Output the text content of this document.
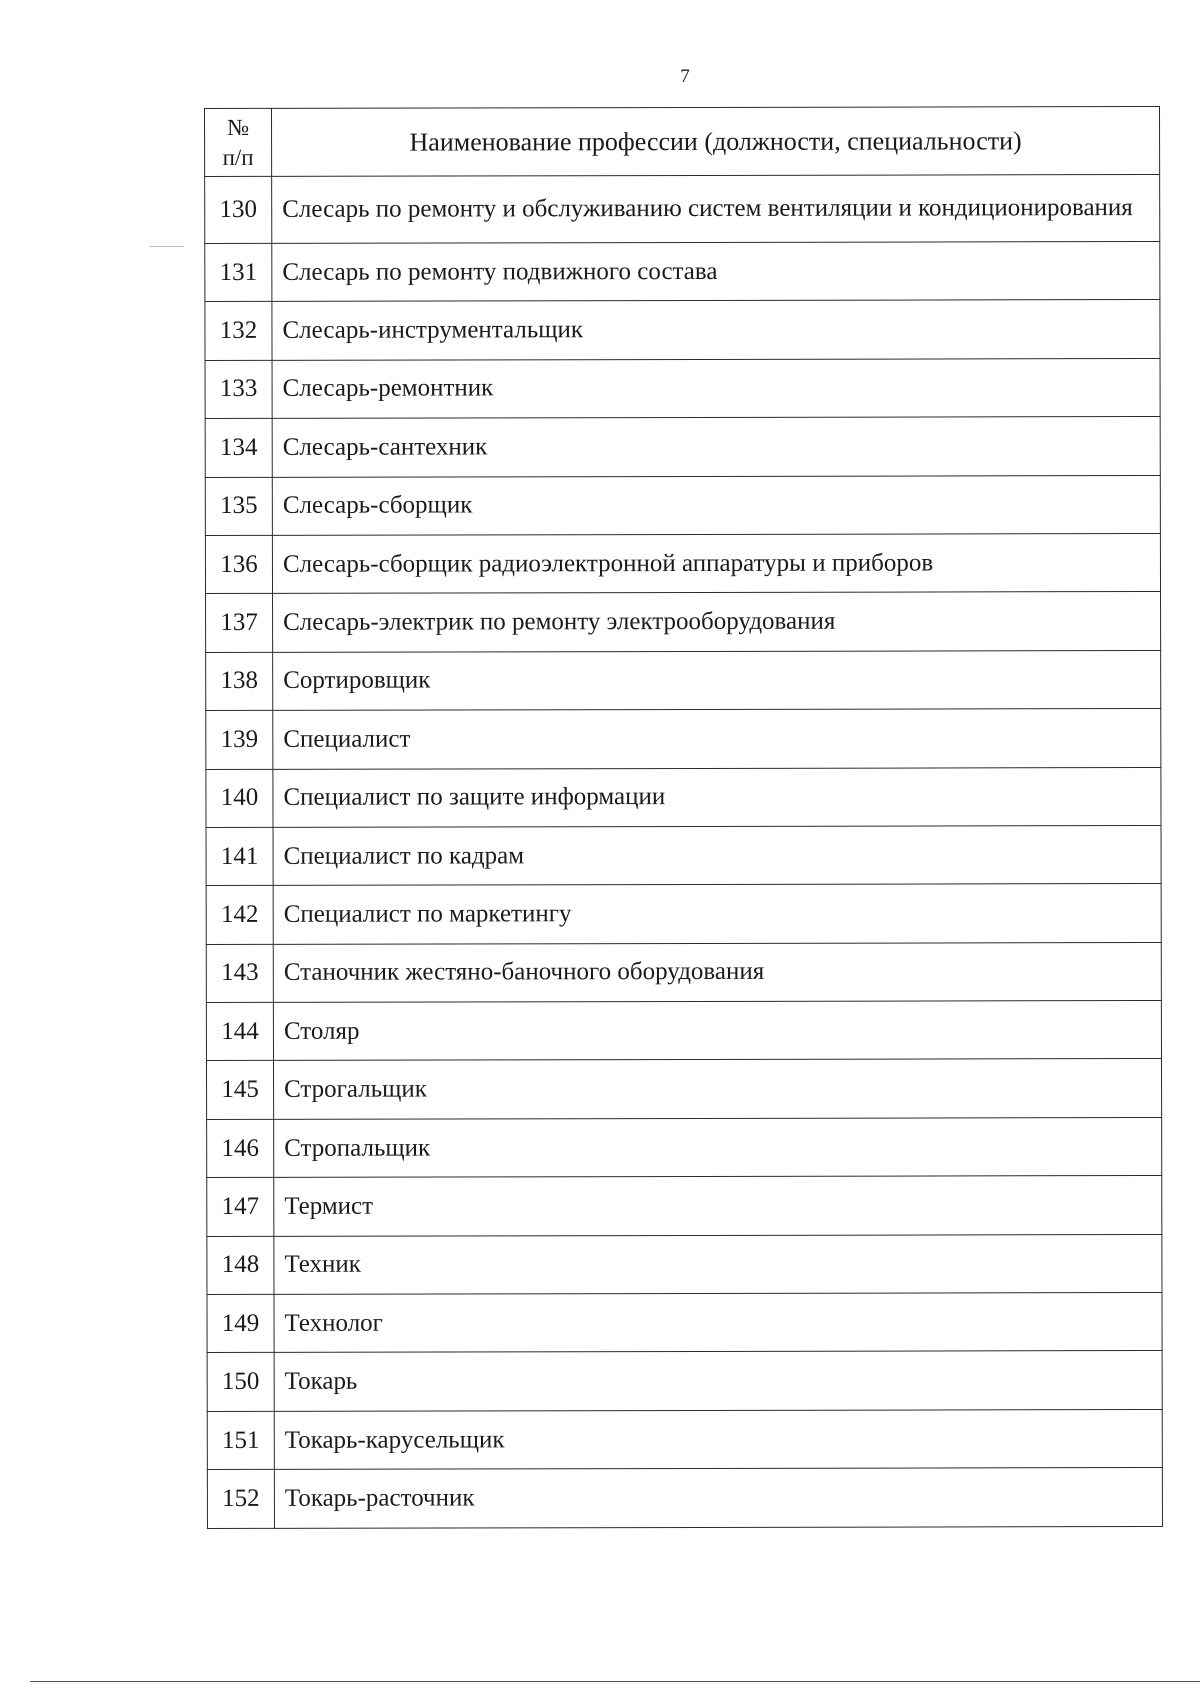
7
№
п/п	Наименование профессии (должности, специальности)
130	Слесарь по ремонту и обслуживанию систем вентиляции и кондиционирования
131	Слесарь по ремонту подвижного состава
132	Слесарь-инструментальщик
133	Слесарь-ремонтник
134	Слесарь-сантехник
135	Слесарь-сборщик
136	Слесарь-сборщик радиоэлектронной аппаратуры и приборов
137	Слесарь-электрик по ремонту электрооборудования
138	Сортировщик
139	Специалист
140	Специалист по защите информации
141	Специалист по кадрам
142	Специалист по маркетингу
143	Станочник жестяно-баночного оборудования
144	Столяр
145	Строгальщик
146	Стропальщик
147	Термист
148	Техник
149	Технолог
150	Токарь
151	Токарь-карусельщик
152	Токарь-расточник
